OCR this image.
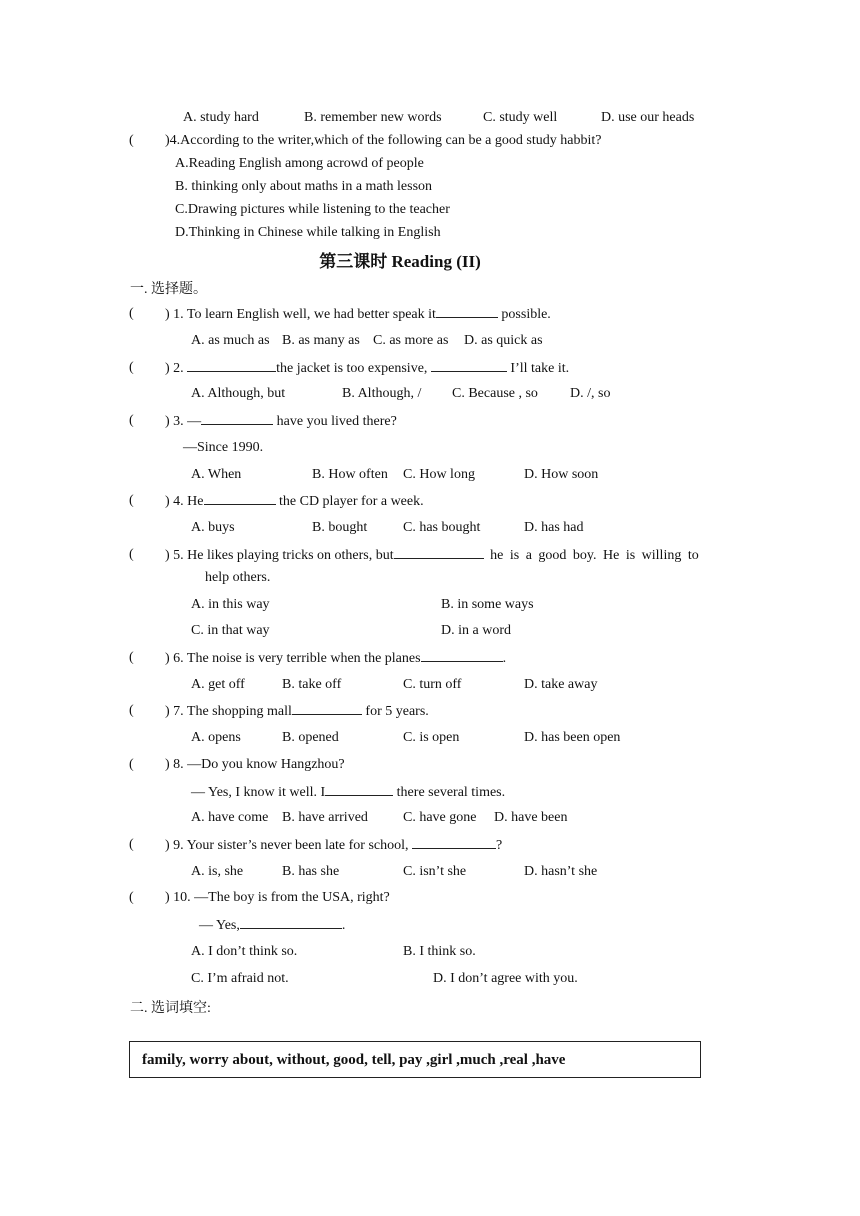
A. study hard	B. remember new words	C. study well	D. use our heads
( )4.According to the writer,which of the following can be a good study habbit?
A.Reading English among acrowd of people
B. thinking only about maths in a math lesson
C.Drawing pictures while listening to the teacher
D.Thinking in Chinese while talking in English
第三课时 Reading (II)
一. 选择题。
( ) 1. To learn English well, we had better speak it	possible.
A. as much as B. as many as C. as more as D. as quick as
( ) 2.	the jacket is too expensive,	I’ll take it.
A. Although, but	B. Although, / C. Because , so D. /, so
( ) 3. —	have you lived there?
—Since 1990.
A. When	B. How often C. How long	D. How soon
( ) 4. He	the CD player for a week.
A. buys	B. bought	C. has bought	D. has had
( ) 5. He likes playing tricks on others, but	he is a good boy. He is willing to
help others.
A. in this way	B. in some ways
C. in that way	D. in a word
( ) 6. The noise is very terrible when the planes	.
A. get off	B. take off	C. turn off	D. take away
( ) 7. The shopping mall	for 5 years.
A. opens	B. opened	C. is open	D. has been open
( ) 8. —Do you know Hangzhou?
— Yes, I know it well. I	there several times.
A. have come B. have arrived	C. have gone D. have been
( ) 9. Your sister’s never been late for school,	?
A. is, she	B. has she	C. isn’t she	D. hasn’t she
( ) 10. —The boy is from the USA, right?
— Yes,	.
A. I don’t think so.	B. I think so.
C. I’m afraid not.	D. I don’t agree with you.
二. 选词填空:
family, worry about, without, good, tell, pay ,girl ,much ,real ,have
